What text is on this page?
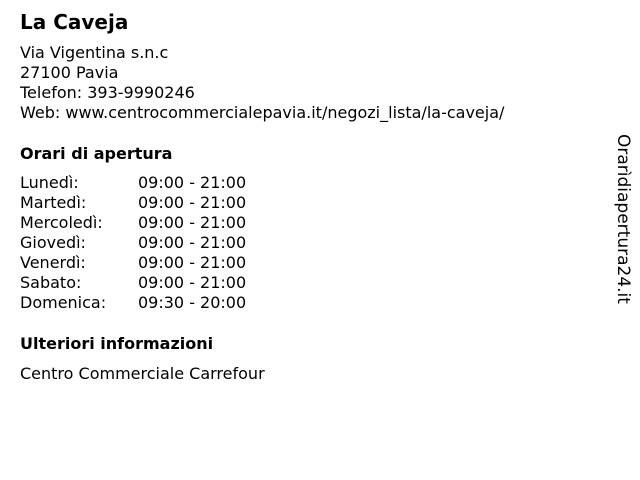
La Caveja
Via Vigentina s.n.c
27100 Pavia
Telefon: 393-9990246
Web: www.centrocommercialepavia.it/negozi_lista/la-caveja/
Orari di apertura
Lunedì:	09:00 - 21:00
Martedì:	09:00 - 21:00
Mercoledì: 09:00 - 21:00
Giovedì:	09:00 - 21:00
Venerdì:	09:00 - 21:00
Sabato:	09:00 - 21:00
Domenica: 09:30 - 20:00
Ulteriori informazioni
Centro Commerciale Carrefour
Orarìdiapertura24.it
